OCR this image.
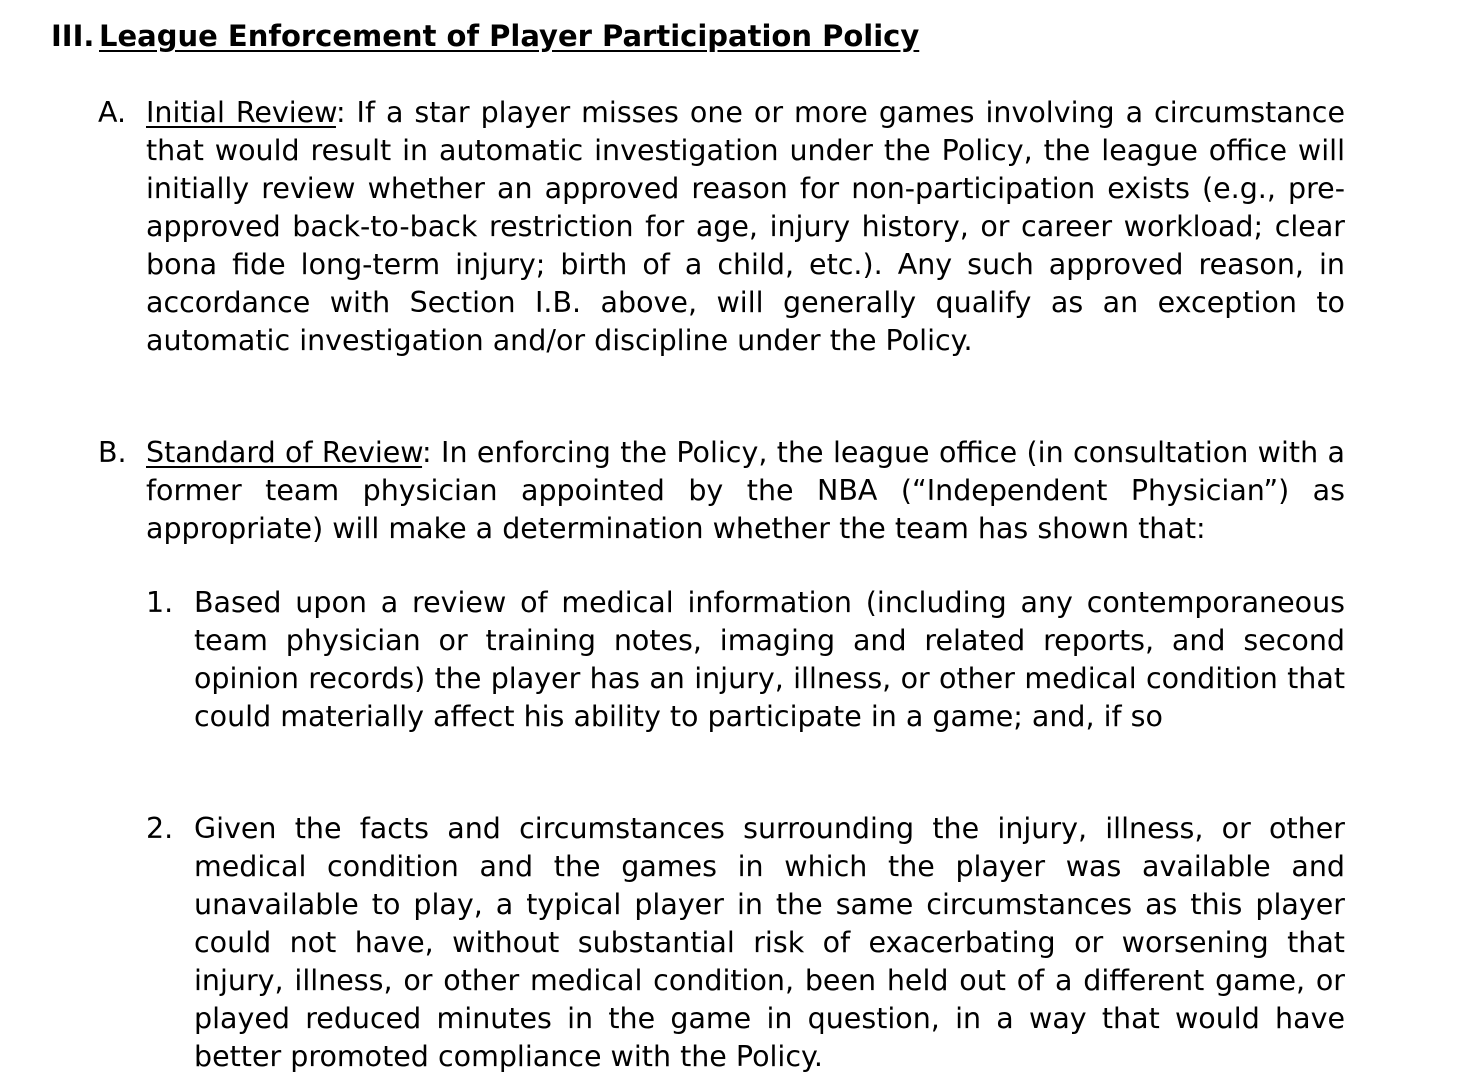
III. League Enforcement of Player Participation Policy
A. Initial Review: If a star player misses one or more games involving a circumstance that would result in automatic investigation under the Policy, the league office will initially review whether an approved reason for non-participation exists (e.g., pre-approved back-to-back restriction for age, injury history, or career workload; clear bona fide long-term injury; birth of a child, etc.). Any such approved reason, in accordance with Section I.B. above, will generally qualify as an exception to automatic investigation and/or discipline under the Policy.
B. Standard of Review: In enforcing the Policy, the league office (in consultation with a former team physician appointed by the NBA (“Independent Physician”) as appropriate) will make a determination whether the team has shown that:
1. Based upon a review of medical information (including any contemporaneous team physician or training notes, imaging and related reports, and second opinion records) the player has an injury, illness, or other medical condition that could materially affect his ability to participate in a game; and, if so
2. Given the facts and circumstances surrounding the injury, illness, or other medical condition and the games in which the player was available and unavailable to play, a typical player in the same circumstances as this player could not have, without substantial risk of exacerbating or worsening that injury, illness, or other medical condition, been held out of a different game, or played reduced minutes in the game in question, in a way that would have better promoted compliance with the Policy.
